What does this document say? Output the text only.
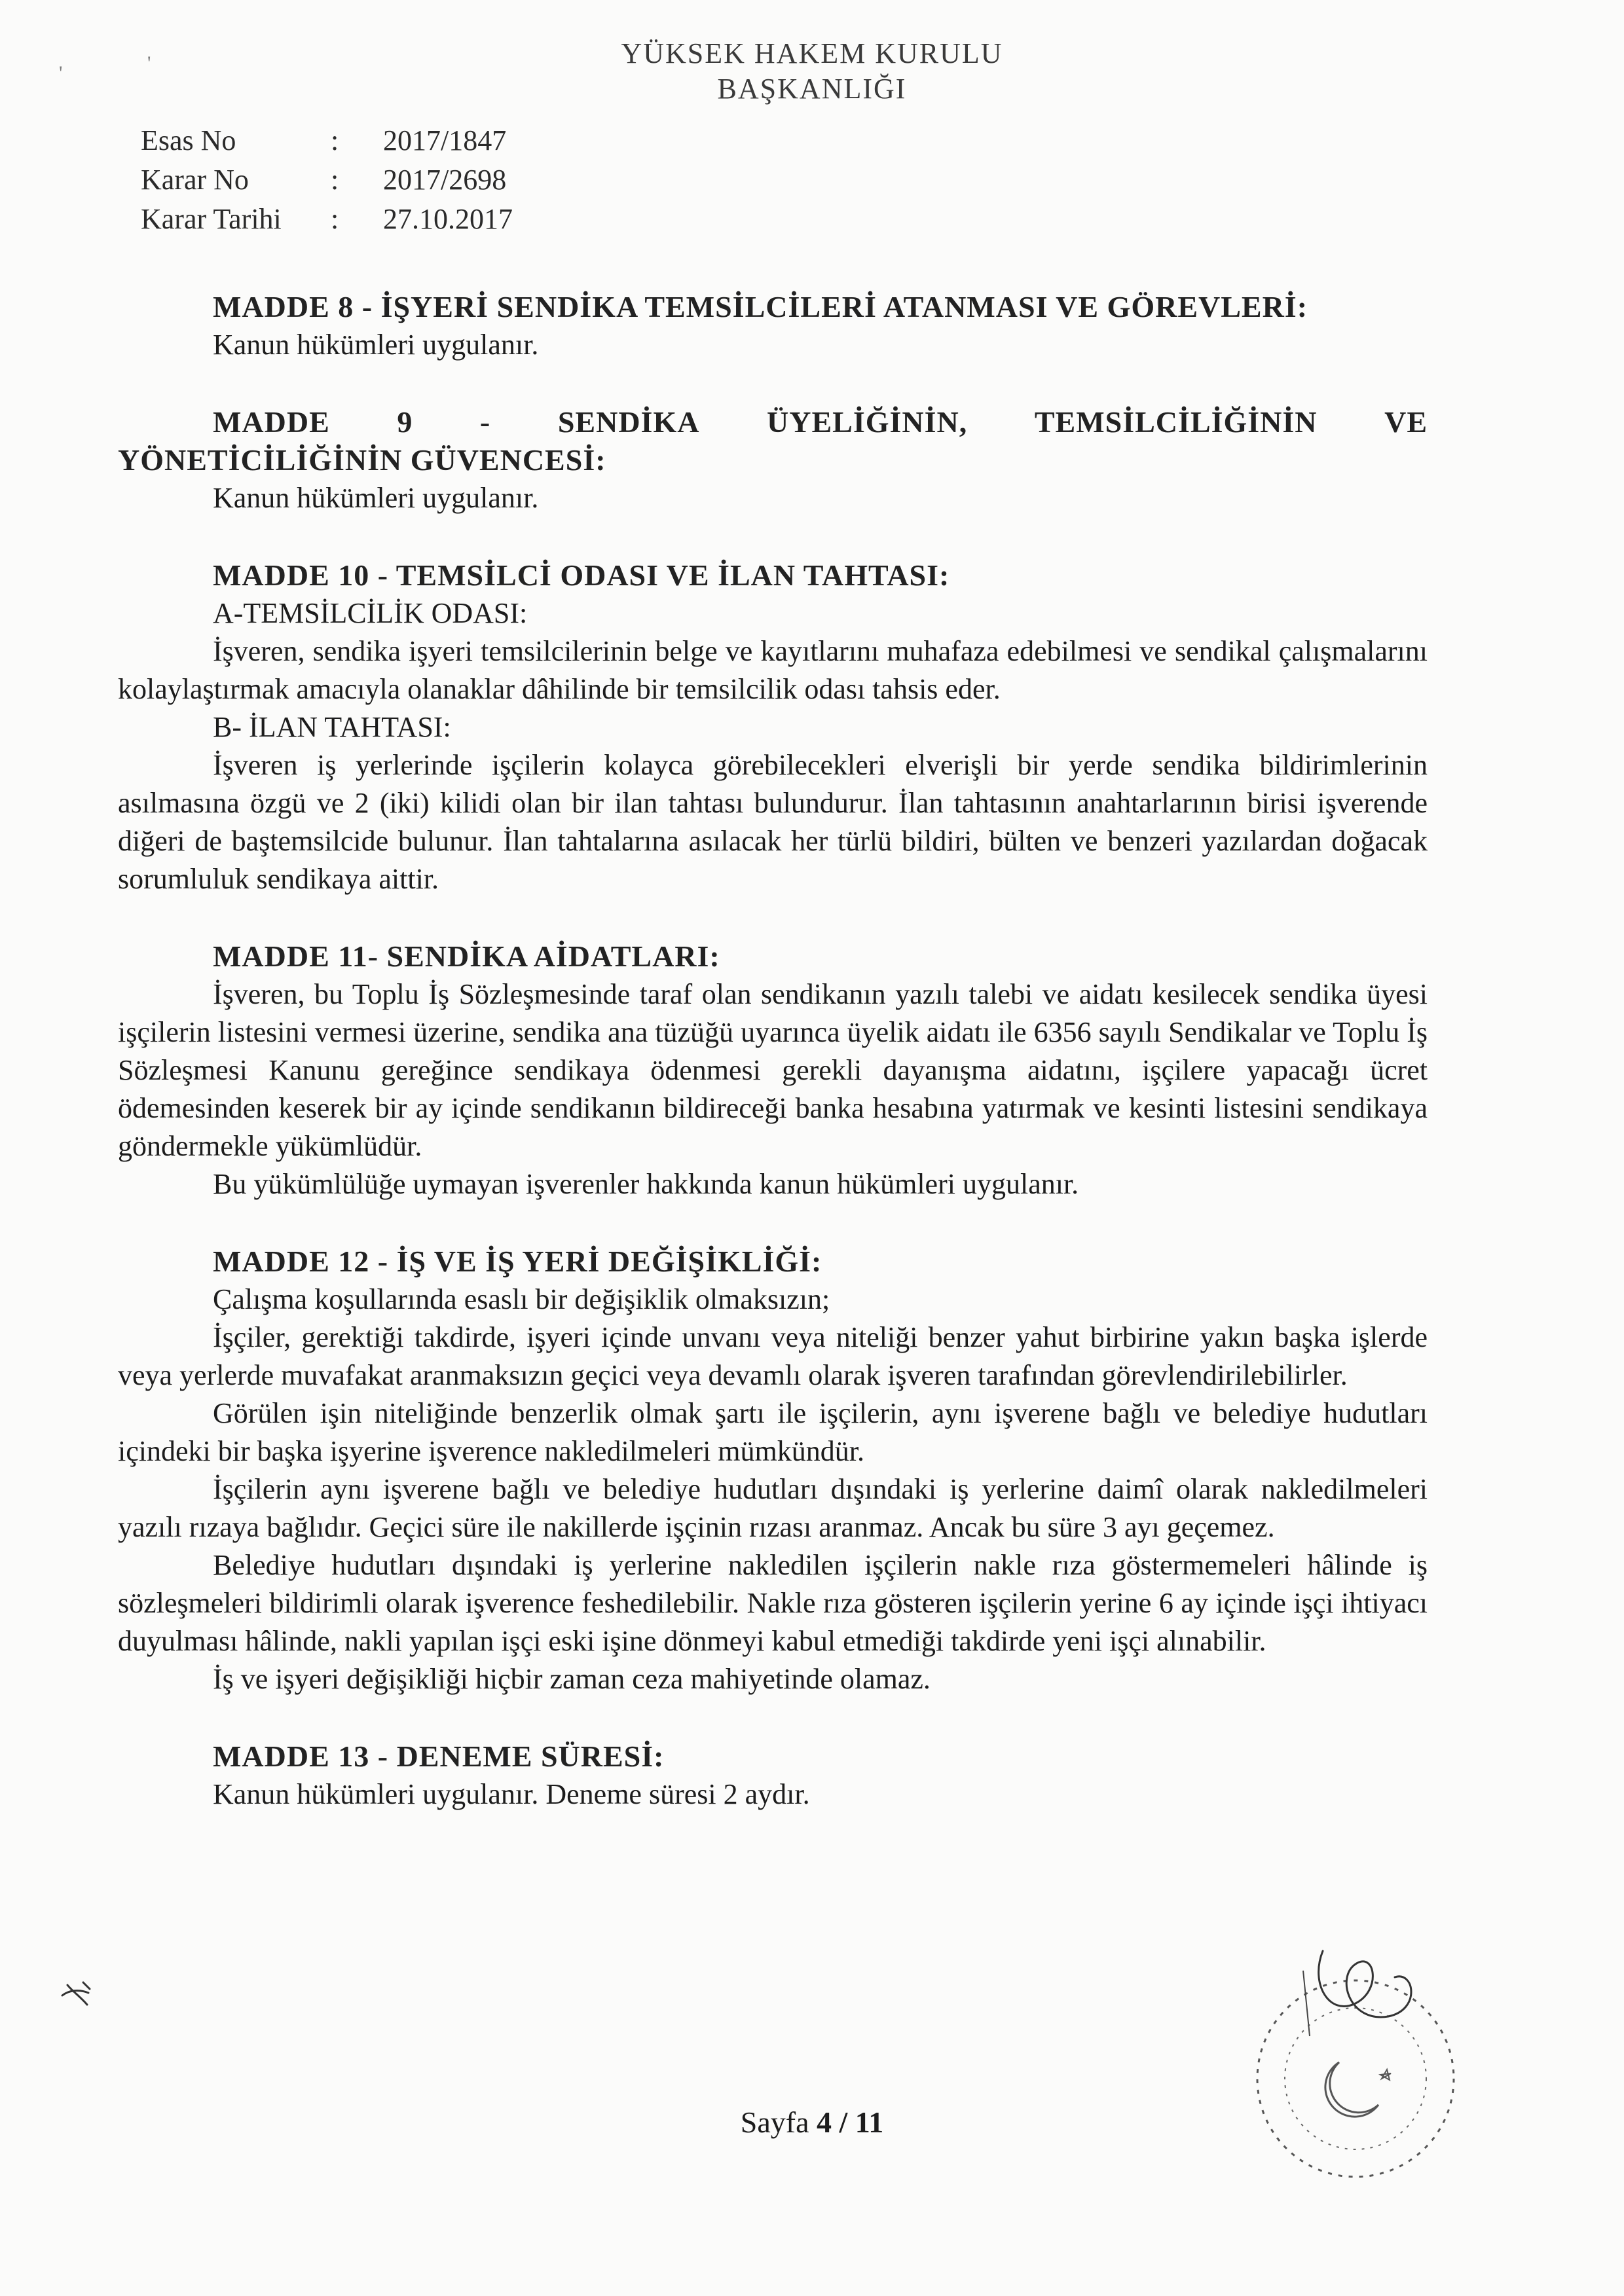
'	'	YÜKSEK HAKEM KURULU
BAŞKANLIĞI
Esas No	:	2017/1847
Karar No	:	2017/2698
Karar Tarihi	:	27.10.2017
MADDE 8 - İŞYERİ SENDİKA TEMSİLCİLERİ ATANMASI VE GÖREVLERİ:
Kanun hükümleri uygulanır.
MADDE 9 - SENDİKA ÜYELİĞİNİN, TEMSİLCİLİĞİNİN VE
YÖNETİCİLİĞİNİN GÜVENCESİ:
Kanun hükümleri uygulanır.
MADDE 10 - TEMSİLCİ ODASI VE İLAN TAHTASI:
A-TEMSİLCİLİK ODASI:
İşveren, sendika işyeri temsilcilerinin belge ve kayıtlarını muhafaza edebilmesi ve sendikal çalışmalarını kolaylaştırmak amacıyla olanaklar dâhilinde bir temsilcilik odası tahsis eder.
B- İLAN TAHTASI:
İşveren iş yerlerinde işçilerin kolayca görebilecekleri elverişli bir yerde sendika bildirimlerinin asılmasına özgü ve 2 (iki) kilidi olan bir ilan tahtası bulundurur. İlan tahtasının anahtarlarının birisi işverende diğeri de baştemsilcide bulunur. İlan tahtalarına asılacak her türlü bildiri, bülten ve benzeri yazılardan doğacak sorumluluk sendikaya aittir.
MADDE 11- SENDİKA AİDATLARI:
İşveren, bu Toplu İş Sözleşmesinde taraf olan sendikanın yazılı talebi ve aidatı kesilecek sendika üyesi işçilerin listesini vermesi üzerine, sendika ana tüzüğü uyarınca üyelik aidatı ile 6356 sayılı Sendikalar ve Toplu İş Sözleşmesi Kanunu gereğince sendikaya ödenmesi gerekli dayanışma aidatını, işçilere yapacağı ücret ödemesinden keserek bir ay içinde sendikanın bildireceği banka hesabına yatırmak ve kesinti listesini sendikaya göndermekle yükümlüdür.
Bu yükümlülüğe uymayan işverenler hakkında kanun hükümleri uygulanır.
MADDE 12 - İŞ VE İŞ YERİ DEĞİŞİKLİĞİ:
Çalışma koşullarında esaslı bir değişiklik olmaksızın;
İşçiler, gerektiği takdirde, işyeri içinde unvanı veya niteliği benzer yahut birbirine yakın başka işlerde veya yerlerde muvafakat aranmaksızın geçici veya devamlı olarak işveren tarafından görevlendirilebilirler.
Görülen işin niteliğinde benzerlik olmak şartı ile işçilerin, aynı işverene bağlı ve belediye hudutları içindeki bir başka işyerine işverence nakledilmeleri mümkündür.
İşçilerin aynı işverene bağlı ve belediye hudutları dışındaki iş yerlerine daimî olarak nakledilmeleri yazılı rızaya bağlıdır. Geçici süre ile nakillerde işçinin rızası aranmaz. Ancak bu süre 3 ayı geçemez.
Belediye hudutları dışındaki iş yerlerine nakledilen işçilerin nakle rıza göstermemeleri hâlinde iş sözleşmeleri bildirimli olarak işverence feshedilebilir. Nakle rıza gösteren işçilerin yerine 6 ay içinde işçi ihtiyacı duyulması hâlinde, nakli yapılan işçi eski işine dönmeyi kabul etmediği takdirde yeni işçi alınabilir.
İş ve işyeri değişikliği hiçbir zaman ceza mahiyetinde olamaz.
MADDE 13 - DENEME SÜRESİ:
Kanun hükümleri uygulanır. Deneme süresi 2 aydır.
Sayfa 4 / 11
